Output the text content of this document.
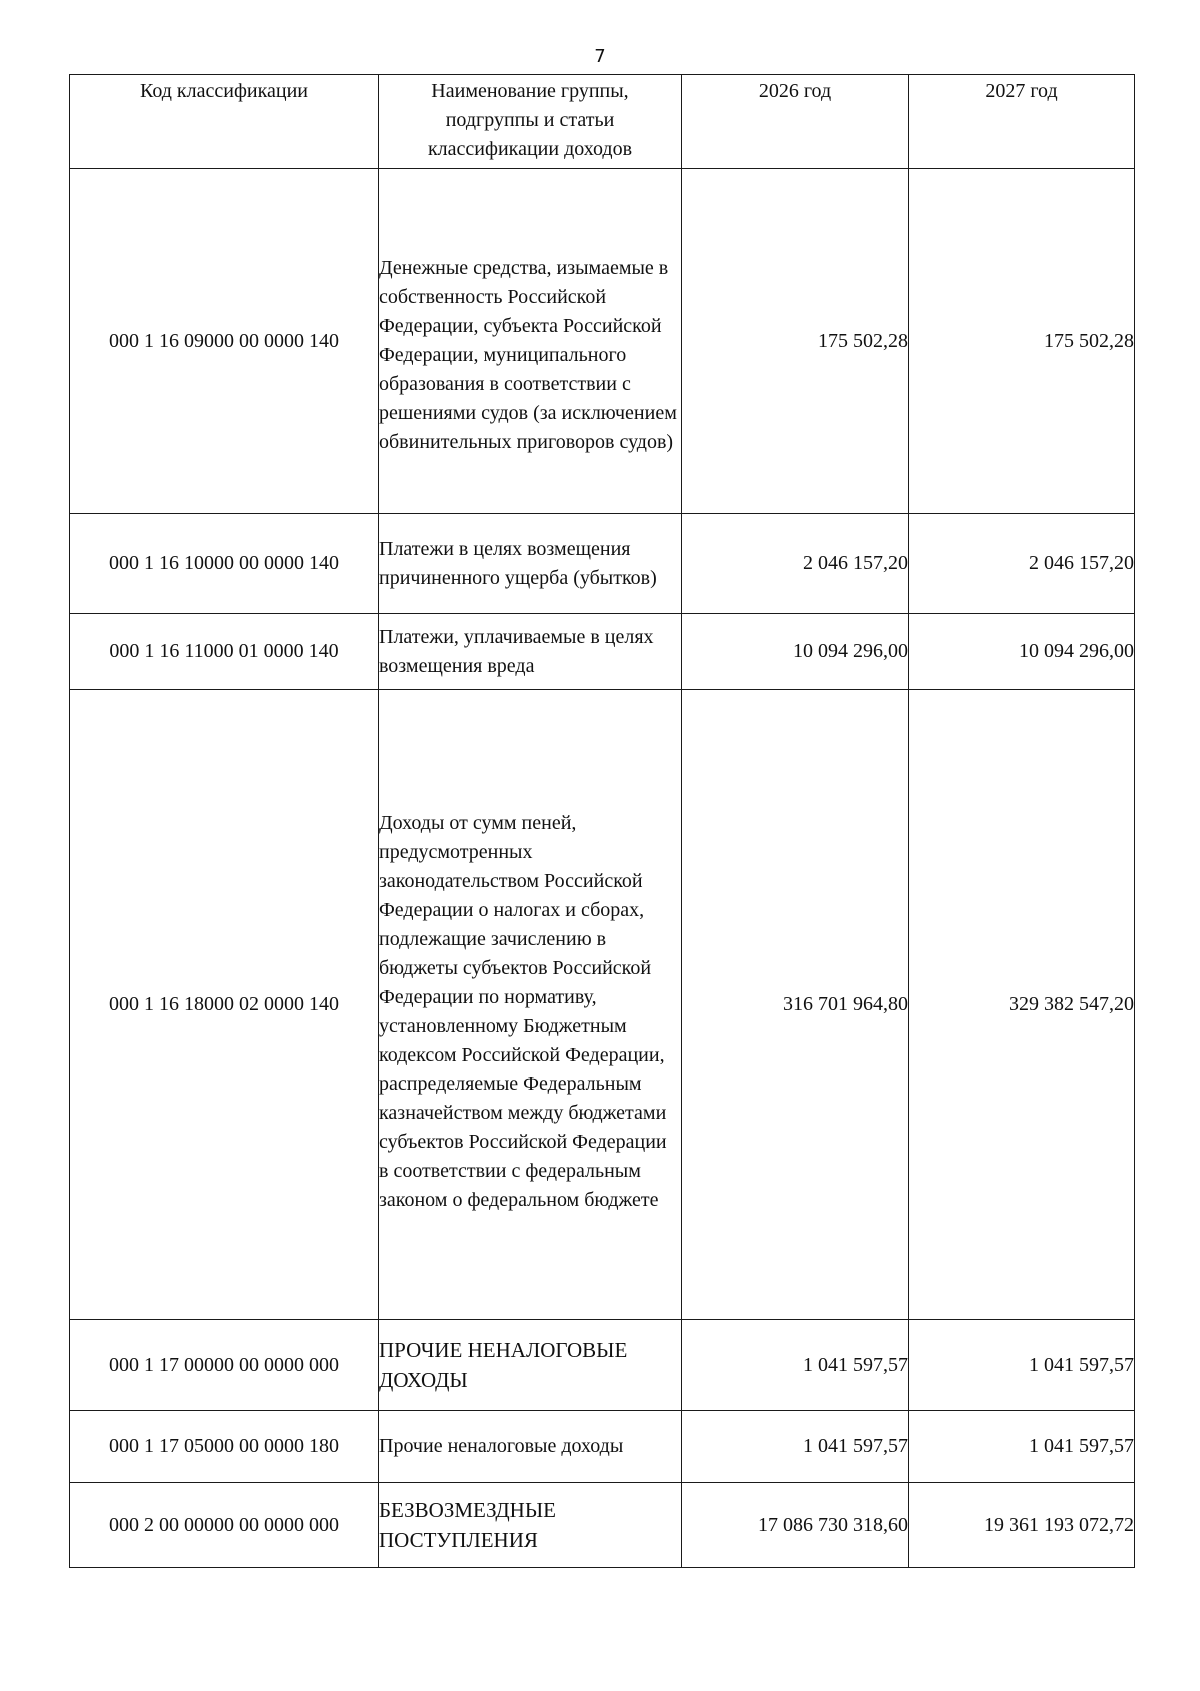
7
Код классификации	Наименование группы, подгруппы и статьи классификации доходов	2026 год	2027 год
000 1 16 09000 00 0000 140	Денежные средства, изымаемые в собственность Российской Федерации, субъекта Российской Федерации, муниципального образования в соответствии с решениями судов (за исключением обвинительных приговоров судов)	175 502,28	175 502,28
000 1 16 10000 00 0000 140	Платежи в целях возмещения причиненного ущерба (убытков)	2 046 157,20	2 046 157,20
000 1 16 11000 01 0000 140	Платежи, уплачиваемые в целях возмещения вреда	10 094 296,00	10 094 296,00
000 1 16 18000 02 0000 140	Доходы от сумм пеней, предусмотренных законодательством Российской Федерации о налогах и сборах, подлежащие зачислению в бюджеты субъектов Российской Федерации по нормативу, установленному Бюджетным кодексом Российской Федерации, распределяемые Федеральным казначейством между бюджетами субъектов Российской Федерации в соответствии с федеральным законом о федеральном бюджете	316 701 964,80	329 382 547,20
000 1 17 00000 00 0000 000	ПРОЧИЕ НЕНАЛОГОВЫЕ ДОХОДЫ	1 041 597,57	1 041 597,57
000 1 17 05000 00 0000 180	Прочие неналоговые доходы	1 041 597,57	1 041 597,57
000 2 00 00000 00 0000 000	БЕЗВОЗМЕЗДНЫЕ ПОСТУПЛЕНИЯ	17 086 730 318,60	19 361 193 072,72
